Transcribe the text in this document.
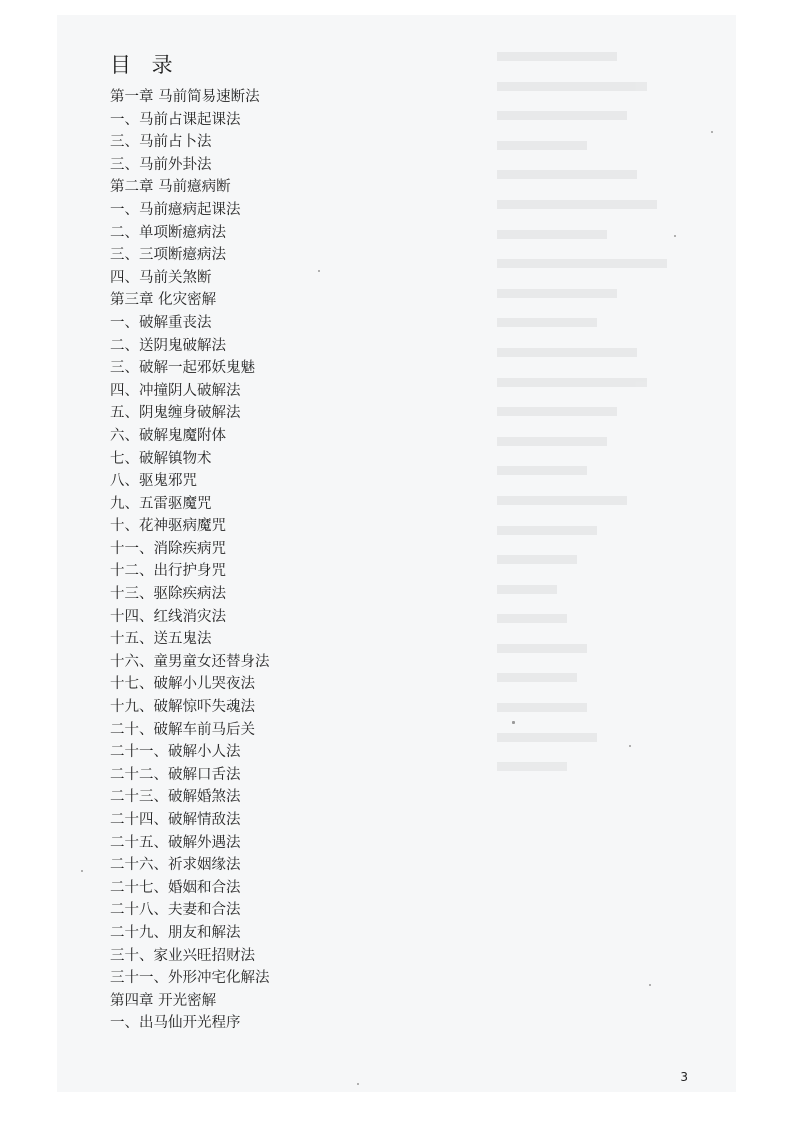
目 录
第一章 马前简易速断法
一、马前占课起课法
三、马前占卜法
三、马前外卦法
第二章 马前癔病断
一、马前癔病起课法
二、单项断癔病法
三、三项断癔病法
四、马前关煞断
第三章 化灾密解
一、破解重丧法
二、送阴鬼破解法
三、破解一起邪妖鬼魅
四、冲撞阴人破解法
五、阴鬼缠身破解法
六、破解鬼魔附体
七、破解镇物术
八、驱鬼邪咒
九、五雷驱魔咒
十、花神驱病魔咒
十一、消除疾病咒
十二、出行护身咒
十三、驱除疾病法
十四、红线消灾法
十五、送五鬼法
十六、童男童女还替身法
十七、破解小儿哭夜法
十九、破解惊吓失魂法
二十、破解车前马后关
二十一、破解小人法
二十二、破解口舌法
二十三、破解婚煞法
二十四、破解情敌法
二十五、破解外遇法
二十六、祈求姻缘法
二十七、婚姻和合法
二十八、夫妻和合法
二十九、朋友和解法
三十、家业兴旺招财法
三十一、外形冲宅化解法
第四章 开光密解
一、出马仙开光程序
3
